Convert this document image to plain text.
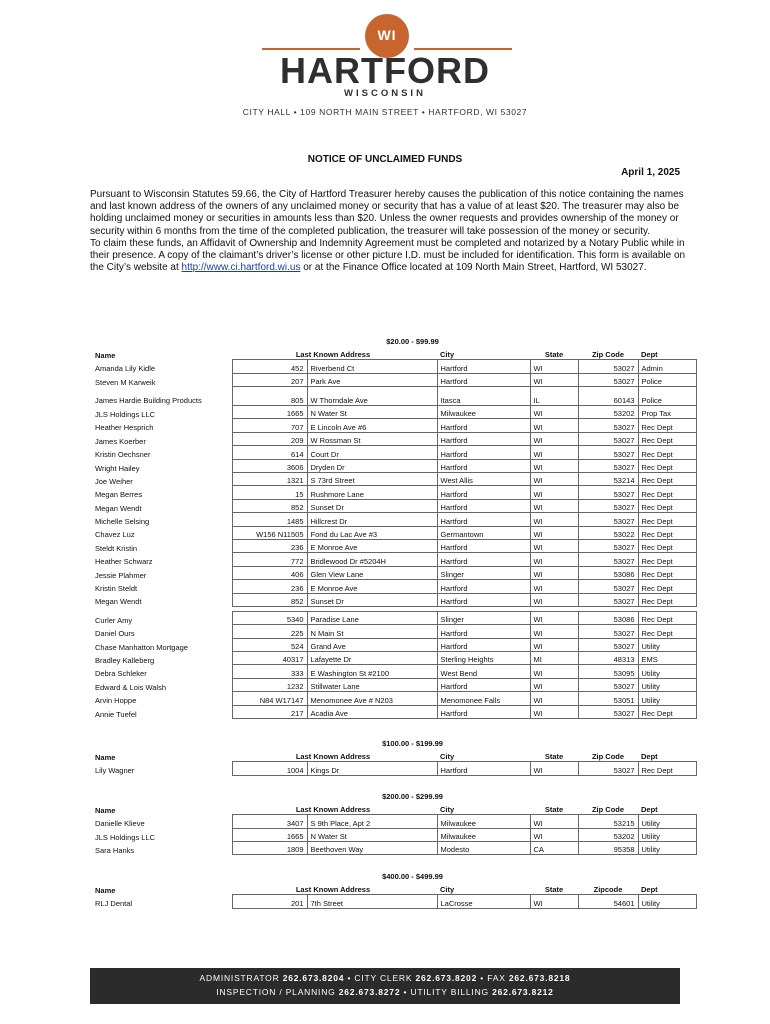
WI
HARTFORD
WISCONSIN
CITY HALL • 109 NORTH MAIN STREET • HARTFORD, WI 53027
NOTICE OF UNCLAIMED FUNDS
April 1, 2025

Pursuant to Wisconsin Statutes 59.66, the City of Hartford Treasurer hereby causes the publication of this notice containing the names and last known address of the owners of any unclaimed money or security that has a value of at least $20. The treasurer may also be holding unclaimed money or securities in amounts less than $20. Unless the owner requests and provides ownership of the money or security within 6 months from the time of the completed publication, the treasurer will take possession of the money or security.

To claim these funds, an Affidavit of Ownership and Indemnity Agreement must be completed and notarized by a Notary Public while in their presence. A copy of the claimant’s driver’s license or other picture I.D. must be included for identification. This form is available on the City’s website at http://www.ci.hartford.wi.us or at the Finance Office located at 109 North Main Street, Hartford, WI 53027.

$20.00 - $99.99						
Name	Last Known Address		City	State	Zip Code	Dept
Amanda Lily Kidle	452	Riverbend Ct	Hartford	WI	53027	Admin
Steven M Karweik	207	Park Ave	Hartford	WI	53027	Police
James Hardie Building Products	805	W Thorndale Ave	Itasca	IL	60143	Police
JLS Holdings LLC	1665	N Water St	Milwaukee	WI	53202	Prop Tax
Heather Hesprich	707	E Lincoln Ave #6	Hartford	WI	53027	Rec Dept
James Koerber	209	W Rossman St	Hartford	WI	53027	Rec Dept
Kristin Oechsner	614	Court Dr	Hartford	WI	53027	Rec Dept
Wright Hailey	3606	Dryden Dr	Hartford	WI	53027	Rec Dept
Joe Weiher	1321	S 73rd Street	West Allis	WI	53214	Rec Dept
Megan Berres	15	Rushmore Lane	Hartford	WI	53027	Rec Dept
Megan Wendt	852	Sunset Dr	Hartford	WI	53027	Rec Dept
Michelle Selsing	1485	Hillcrest Dr	Hartford	WI	53027	Rec Dept
Chavez Luz	W156 N11505	Fond du Lac Ave #3	Germantown	WI	53022	Rec Dept
Steldt Kristin	236	E Monroe Ave	Hartford	WI	53027	Rec Dept
Heather Schwarz	772	Bridlewood Dr #5204H	Hartford	WI	53027	Rec Dept
Jessie Plahmer	406	Glen View Lane	Slinger	WI	53086	Rec Dept
Kristin Steldt	236	E Monroe Ave	Hartford	WI	53027	Rec Dept
Megan Wendt	852	Sunset Dr	Hartford	WI	53027	Rec Dept

Curler Amy	5340	Paradise Lane	Slinger	WI	53086	Rec Dept
Daniel Ours	225	N Main St	Hartford	WI	53027	Rec Dept
Chase Manhatton Mortgage	524	Grand Ave	Hartford	WI	53027	Utility
Bradley Kalleberg	40317	Lafayette Dr	Sterling Heights	MI	48313	EMS
Debra Schleker	333	E Washington St #2100	West Bend	WI	53095	Utility
Edward & Lois Walsh	1232	Stillwater Lane	Hartford	WI	53027	Utility
Arvin Hoppe	N84 W17147	Menomonee Ave # N203	Menomonee Falls	WI	53051	Utility
Annie Tuefel	217	Acadia Ave	Hartford	WI	53027	Rec Dept
$100.00 - $199.99						
Name	Last Known Address		City	State	Zip Code	Dept
Lily Wagner	1004	Kings Dr	Hartford	WI	53027	Rec Dept
$200.00 - $299.99						
Name	Last Known Address		City	State	Zip Code	Dept
Danielle Klieve	3407	S 9th Place, Apt 2	Milwaukee	WI	53215	Utility
JLS Holdings LLC	1665	N Water St	Milwaukee	WI	53202	Utility
Sara Hanks	1809	Beethoven Way	Modesto	CA	95358	Utility
$400.00 - $499.99						
Name	Last Known Address		City	State	Zipcode	Dept
RLJ Dental	201	7th Street	LaCrosse	WI	54601	Utility
ADMINISTRATOR 262.673.8204 • CITY CLERK 262.673.8202 • FAX 262.673.8218
INSPECTION / PLANNING 262.673.8272 • UTILITY BILLING 262.673.8212
